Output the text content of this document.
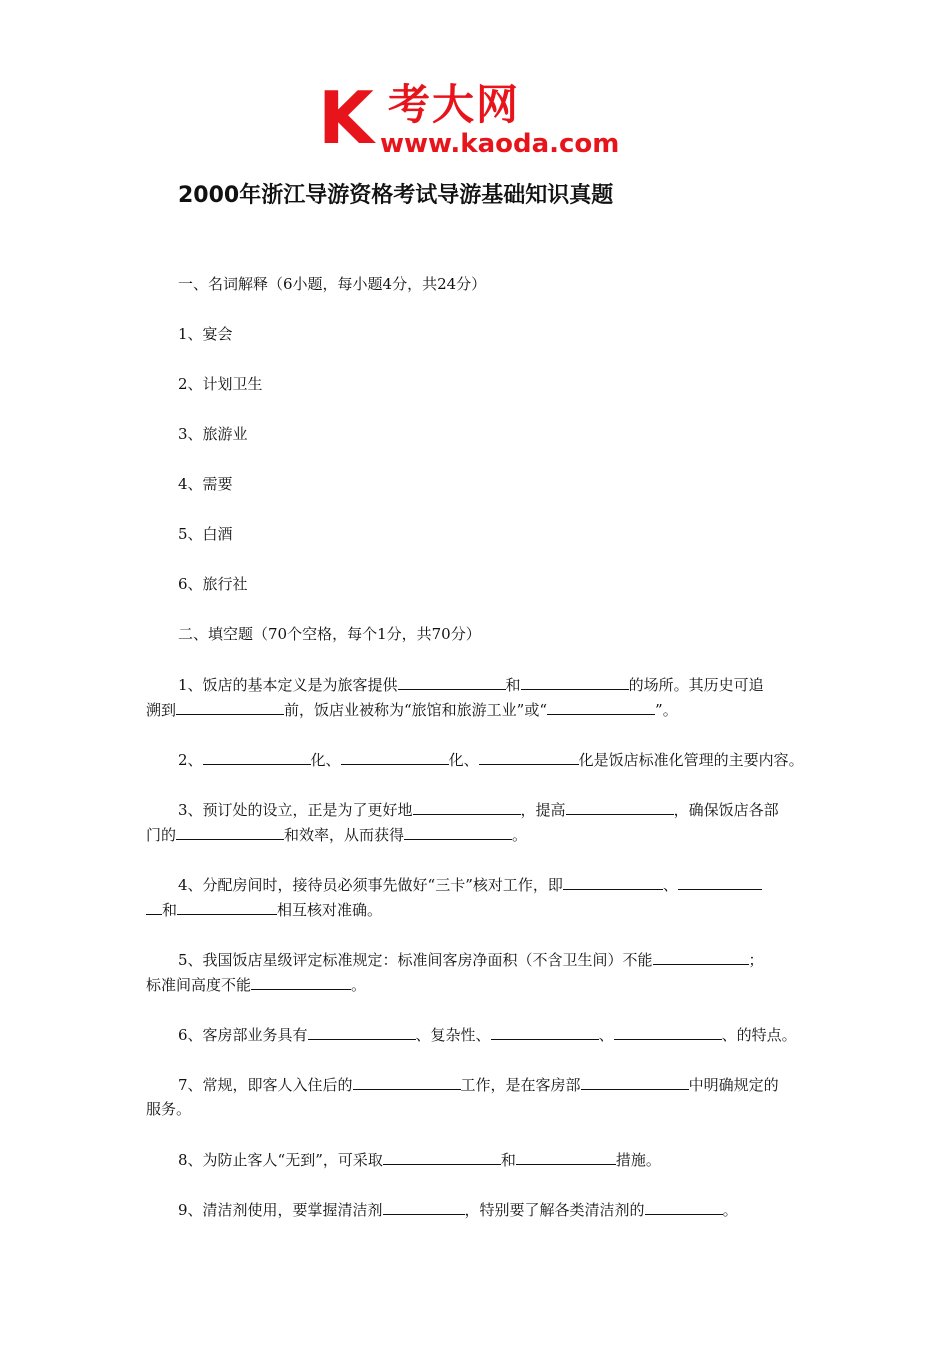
K 考大网
www.kaoda.com
2000年浙江导游资格考试导游基础知识真题
一、名词解释（6小题，每小题4分，共24分）
1、宴会
2、计划卫生
3、旅游业
4、需要
5、白酒
6、旅行社
二、填空题（70个空格，每个1分，共70分）
1、饭店的基本定义是为旅客提供	和	的场所。其历史可追
溯到	前，饭店业被称为“旅馆和旅游工业”或“	”。
2、	化、	化、	化是饭店标准化管理的主要内容。
3、预订处的设立，正是为了更好地	，提高	，确保饭店各部
门的	和效率，从而获得	。
4、分配房间时，接待员必须事先做好“三卡”核对工作，即	、
和	相互核对准确。
5、我国饭店星级评定标准规定：标准间客房净面积（不含卫生间）不能	；
标准间高度不能	。
6、客房部业务具有	、复杂性、	、	、的特点。
7、常规，即客人入住后的	工作，是在客房部	中明确规定的
服务。
8、为防止客人“无到”，可采取	和	措施。
9、清洁剂使用，要掌握清洁剂	，特别要了解各类清洁剂的	。
